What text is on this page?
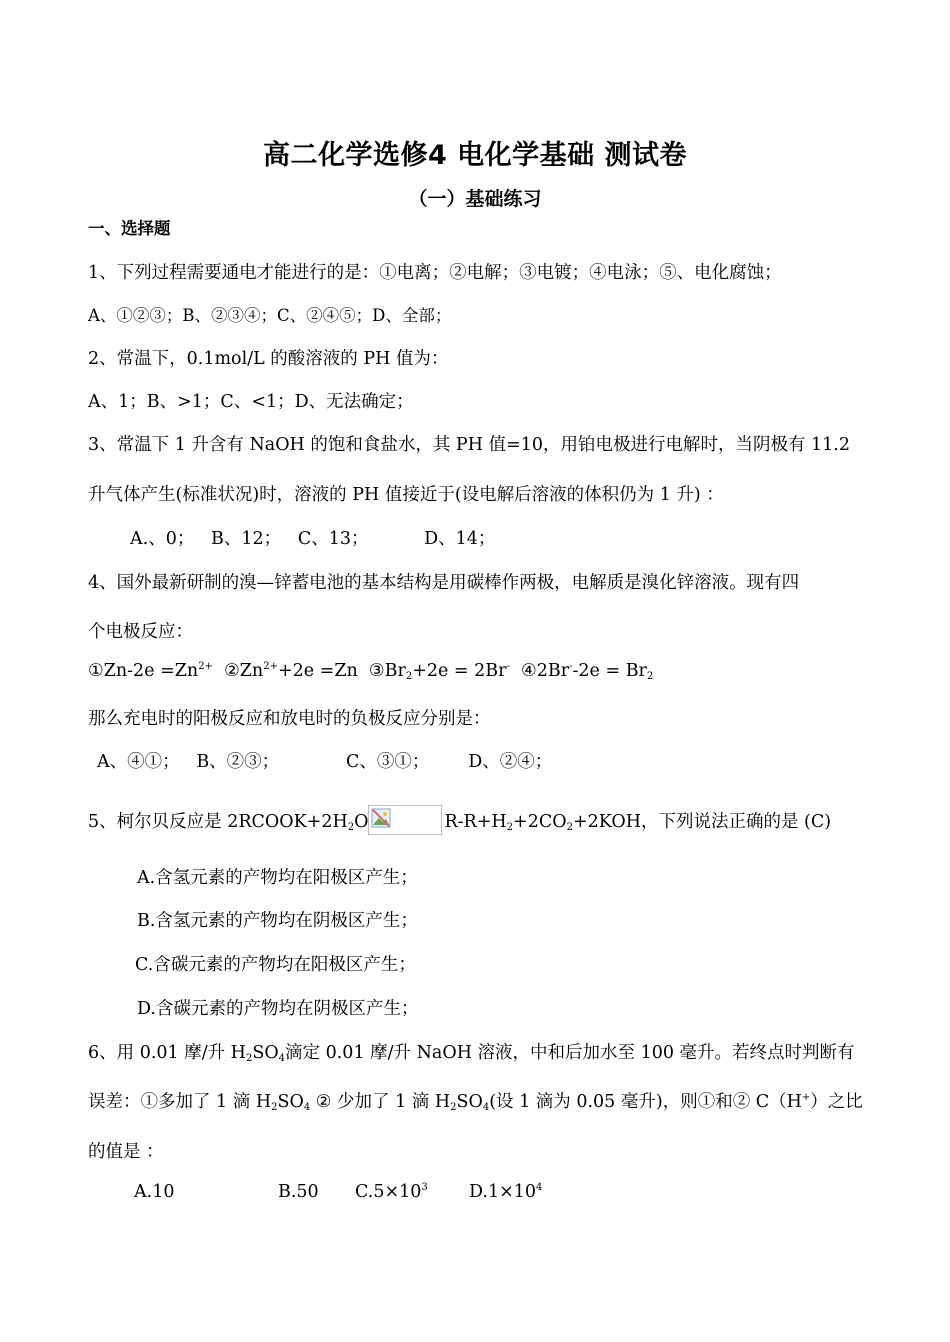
高二化学选修4 电化学基础 测试卷
（一）基础练习
一、选择题
1、下列过程需要通电才能进行的是：①电离；②电解；③电镀；④电泳；⑤、电化腐蚀；
A、①②③；B、②③④；C、②④⑤；D、全部；
2、常温下，0.1mol/L 的酸溶液的 PH 值为：
A、1；B、>1；C、<1；D、无法确定；
3、常温下 1 升含有 NaOH 的饱和食盐水，其 PH 值=10，用铂电极进行电解时，当阴极有 11.2
升气体产生(标准状况)时，溶液的 PH 值接近于(设电解后溶液的体积仍为 1 升) ：
A.、0；   B、12；   C、13；          D、14；
4、国外最新研制的溴—锌蓄电池的基本结构是用碳棒作两极，电解质是溴化锌溶液。现有四
个电极反应：
①Zn-2e $=Zn^{2+}$ $②Zn^{2+}+2e =Zn$ $③Br_2+2e = 2Br^-$ ④2Br--2e = $Br_2$
那么充电时的阳极反应和放电时的负极反应分别是：
A、④①；   B、②③；            C、③①；       D、②④；
5、柯尔贝反应是 $2RCOOK+2H_2O$	$R-R+H_2+2CO_2+2KOH$，下列说法正确的是 (C)
A.含氢元素的产物均在阳极区产生；
B.含氢元素的产物均在阴极区产生；
C.含碳元素的产物均在阳极区产生；
D.含碳元素的产物均在阴极区产生；
6、用 0.01 摩/升 $H_2SO_4$滴定 0.01 摩/升 NaOH 溶液，中和后加水至 100 毫升。若终点时判断有
误差：①多加了 1 滴 $H_2SO_4$ ② 少加了 1 滴 $H_2SO_4$(设 1 滴为 0.05 毫升)，则①和② C（H+）之比
的值是 ：
A.10	B.50 $C.5\times 10^3$ $D.1\times 10^4$
